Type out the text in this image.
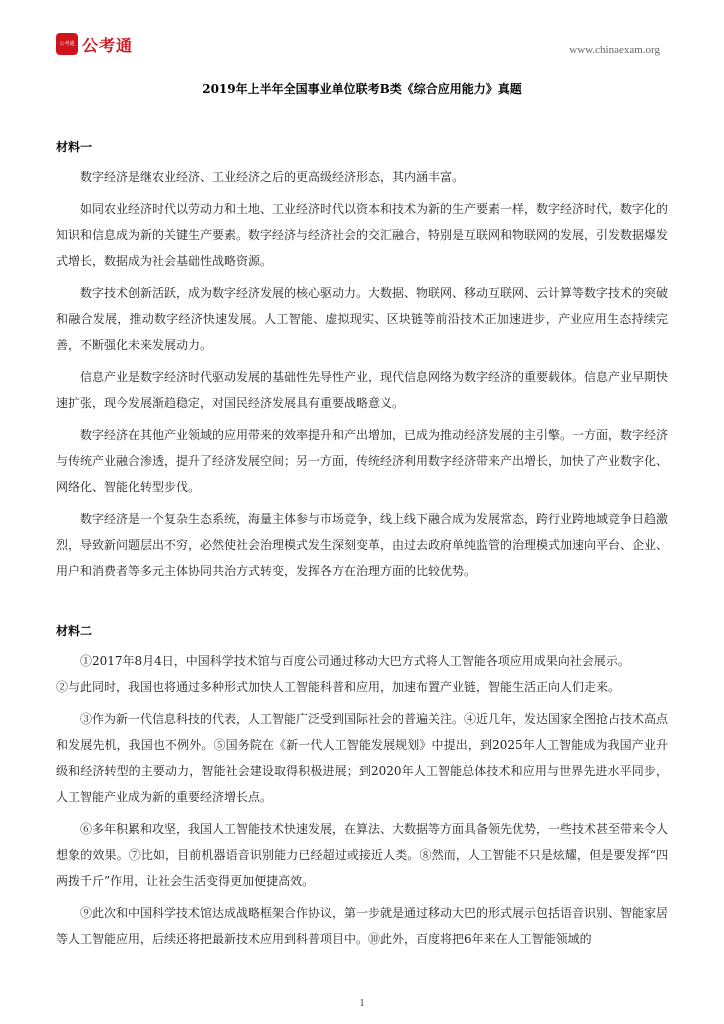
公考通 公考通	www.chinaexam.org
2019年上半年全国事业单位联考B类《综合应用能力》真题

材料一

数字经济是继农业经济、工业经济之后的更高级经济形态，其内涵丰富。

如同农业经济时代以劳动力和土地、工业经济时代以资本和技术为新的生产要素一样，数字经济时代，数字化的知识和信息成为新的关键生产要素。数字经济与经济社会的交汇融合，特别是互联网和物联网的发展，引发数据爆发式增长，数据成为社会基础性战略资源。

数字技术创新活跃，成为数字经济发展的核心驱动力。大数据、物联网、移动互联网、云计算等数字技术的突破和融合发展，推动数字经济快速发展。人工智能、虚拟现实、区块链等前沿技术正加速进步，产业应用生态持续完善，不断强化未来发展动力。

信息产业是数字经济时代驱动发展的基础性先导性产业，现代信息网络为数字经济的重要载体。信息产业早期快速扩张，现今发展渐趋稳定，对国民经济发展具有重要战略意义。

数字经济在其他产业领域的应用带来的效率提升和产出增加，已成为推动经济发展的主引擎。一方面，数字经济与传统产业融合渗透，提升了经济发展空间；另一方面，传统经济利用数字经济带来产出增长，加快了产业数字化、网络化、智能化转型步伐。

数字经济是一个复杂生态系统，海量主体参与市场竞争，线上线下融合成为发展常态，跨行业跨地域竞争日趋激烈，导致新问题层出不穷，必然使社会治理模式发生深刻变革，由过去政府单纯监管的治理模式加速向平台、企业、用户和消费者等多元主体协同共治方式转变，发挥各方在治理方面的比较优势。

材料二

①2017年8月4日，中国科学技术馆与百度公司通过移动大巴方式将人工智能各项应用成果向社会展示。

②与此同时，我国也将通过多种形式加快人工智能科普和应用，加速布置产业链，智能生活正向人们走来。

③作为新一代信息科技的代表，人工智能广泛受到国际社会的普遍关注。④近几年，发达国家全图抢占技术高点和发展先机，我国也不例外。⑤国务院在《新一代人工智能发展规划》中提出，到2025年人工智能成为我国产业升级和经济转型的主要动力，智能社会建设取得积极进展；到2020年人工智能总体技术和应用与世界先进水平同步，人工智能产业成为新的重要经济增长点。

⑥多年积累和攻坚，我国人工智能技术快速发展，在算法、大数据等方面具备领先优势，一些技术甚至带来令人想象的效果。⑦比如，目前机器语音识别能力已经超过或接近人类。⑧然而，人工智能不只是炫耀，但是要发挥“四两拨千斤”作用，让社会生活变得更加便捷高效。

⑨此次和中国科学技术馆达成战略框架合作协议，第一步就是通过移动大巴的形式展示包括语音识别、智能家居等人工智能应用，后续还将把最新技术应用到科普项目中。⑩此外，百度将把6年来在人工智能领域的

1
